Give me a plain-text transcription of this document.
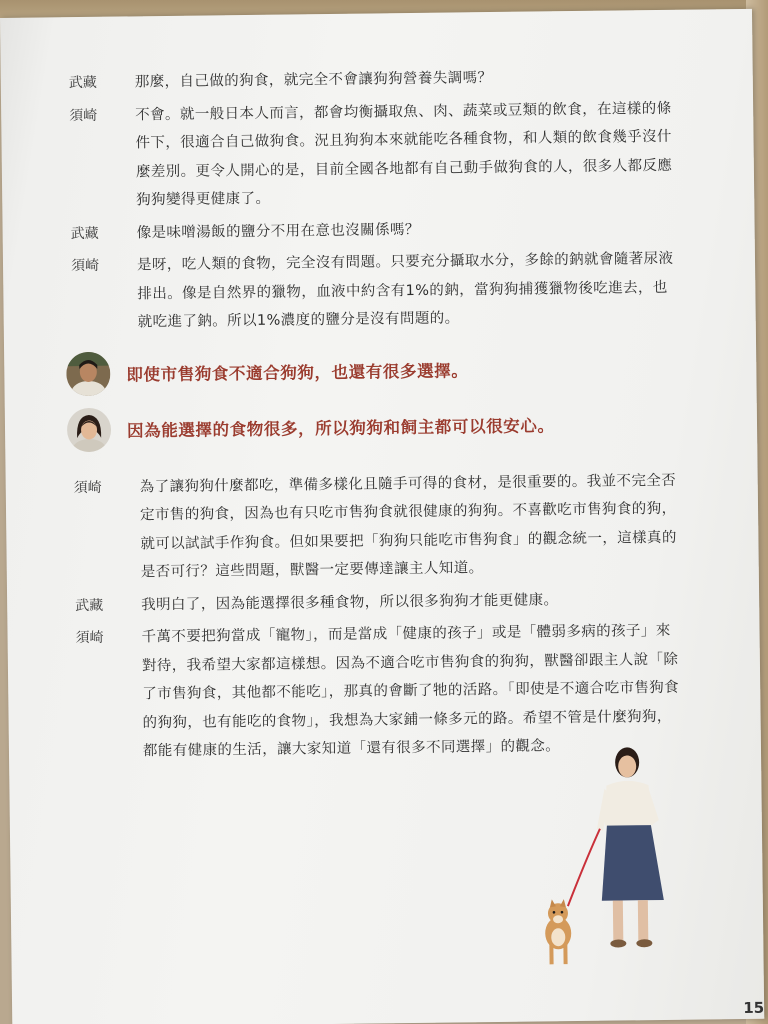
武藏	那麼，自己做的狗食，就完全不會讓狗狗營養失調嗎？
須崎	不會。就一般日本人而言，都會均衡攝取魚、肉、蔬菜或豆類的飲食，在這樣的條件下，很適合自己做狗食。況且狗狗本來就能吃各種食物，和人類的飲食幾乎沒什麼差別。更令人開心的是，目前全國各地都有自己動手做狗食的人，很多人都反應狗狗變得更健康了。
武藏	像是味噌湯飯的鹽分不用在意也沒關係嗎？
須崎	是呀，吃人類的食物，完全沒有問題。只要充分攝取水分，多餘的鈉就會隨著尿液排出。像是自然界的獵物，血液中約含有1%的鈉，當狗狗捕獲獵物後吃進去，也就吃進了鈉。所以1%濃度的鹽分是沒有問題的。
即使市售狗食不適合狗狗，也還有很多選擇。
因為能選擇的食物很多，所以狗狗和飼主都可以很安心。
須崎	為了讓狗狗什麼都吃，準備多樣化且隨手可得的食材，是很重要的。我並不完全否定市售的狗食，因為也有只吃市售狗食就很健康的狗狗。不喜歡吃市售狗食的狗，就可以試試手作狗食。但如果要把「狗狗只能吃市售狗食」的觀念統一，這樣真的是否可行？這些問題，獸醫一定要傳達讓主人知道。
武藏	我明白了，因為能選擇很多種食物，所以很多狗狗才能更健康。
須崎	千萬不要把狗當成「寵物」，而是當成「健康的孩子」或是「體弱多病的孩子」來對待，我希望大家都這樣想。因為不適合吃市售狗食的狗狗，獸醫卻跟主人說「除了市售狗食，其他都不能吃」，那真的會斷了牠的活路。「即使是不適合吃市售狗食的狗狗，也有能吃的食物」，我想為大家鋪一條多元的路。希望不管是什麼狗狗，都能有健康的生活，讓大家知道「還有很多不同選擇」的觀念。
15
